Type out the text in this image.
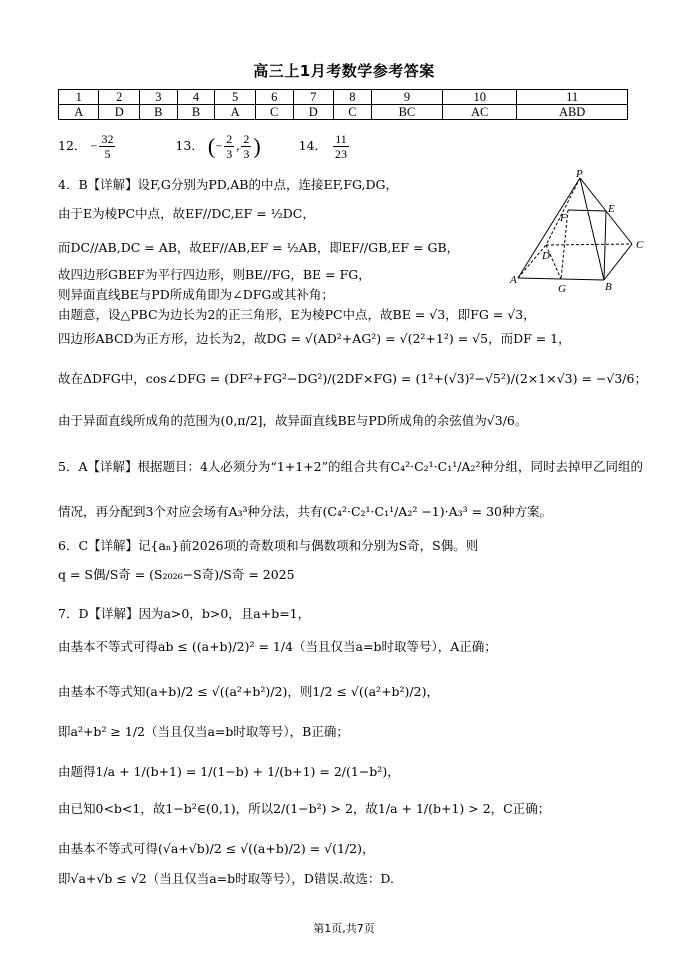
高三上1月考数学参考答案
1	2	3	4	5	6	7	8	9	10	11
A	D	B	B	A	C	D	C	BC	AC	ABD
12． − $\frac{32}{5}$	13． (− $\frac{2}{3}$ , $\frac{2}{3}$ )	14． $\frac{11}{23}$
4．B【详解】设F,G分别为PD,AB的中点，连接EF,FG,DG，
由于E为棱PC中点，故EF//DC,EF = ½DC，
而DC//AB,DC = AB，故EF//AB,EF = ½AB，即EF//GB,EF = GB，
故四边形GBEF为平行四边形，则BE//FG，BE = FG，
则异面直线BE与PD所成角即为∠DFG或其补角；
由题意，设△PBC为边长为2的正三角形，E为棱PC中点，故BE = √3，即FG = √3，
四边形ABCD为正方形，边长为2，故DG = √(AD²+AG²) = √(2²+1²) = √5，而DF = 1，
故在ΔDFG中，cos∠DFG = (DF²+FG²−DG²)/(2DF×FG) = (1²+(√3)²−√5²)/(2×1×√3) = −√3/6；
由于异面直线所成角的范围为(0,π/2]，故异面直线BE与PD所成角的余弦值为√3/6。
P
E
F
C
D
A
G	B
5．A【详解】根据题目：4人必须分为“1+1+2”的组合共有C₄²·C₂¹·C₁¹/A₂²种分组，同时去掉甲乙同组的
情况，再分配到3个对应会场有A₃³种分法，共有(C₄²·C₂¹·C₁¹/A₂² −1)·A₃³ = 30种方案。
6．C【详解】记{aₙ}前2026项的奇数项和与偶数项和分别为S奇，S偶。则
q = S偶/S奇 = (S₂₀₂₆−S奇)/S奇 = 2025
7．D【详解】因为a>0，b>0，且a+b=1，
由基本不等式可得ab ≤ ((a+b)/2)² = 1/4（当且仅当a=b时取等号），A正确；
由基本不等式知(a+b)/2 ≤ √((a²+b²)/2)，则1/2 ≤ √((a²+b²)/2)，
即a²+b² ≥ 1/2（当且仅当a=b时取等号），B正确；
由题得1/a + 1/(b+1) = 1/(1−b) + 1/(b+1) = 2/(1−b²)，
由已知0<b<1，故1−b²∈(0,1)，所以2/(1−b²) > 2，故1/a + 1/(b+1) > 2，C正确；
由基本不等式可得(√a+√b)/2 ≤ √((a+b)/2) = √(1/2)，
即√a+√b ≤ √2（当且仅当a=b时取等号），D错误.故选：D.
第1页,共7页
